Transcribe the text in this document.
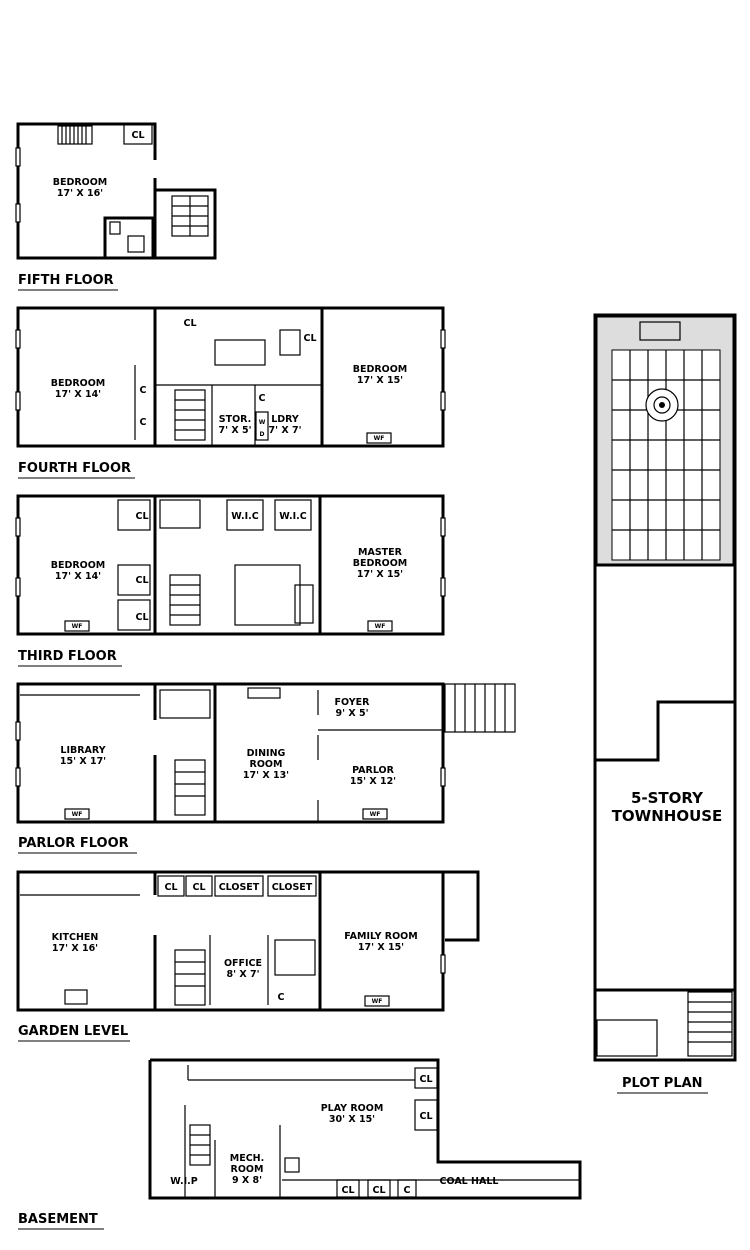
BEDROOM
17' X 16'
CL
FIFTH FLOOR
BEDROOM
17' X 14'
BEDROOM
17' X 15'
CL
CL
C
C
C
STOR.
7' X 5'
LDRY
7' X 7'
W
D
WF
FOURTH FLOOR
BEDROOM
17' X 14'
MASTER
BEDROOM
17' X 15'
W.I.C W.I.C
CL
CL
CL
WF	WF
THIRD FLOOR
LIBRARY
15' X 17'
DINING
ROOM
17' X 13'
FOYER
9' X 5'
PARLOR
15' X 12'
WF	WF
PARLOR FLOOR
KITCHEN
17' X 16'
OFFICE
8' X 7'
FAMILY ROOM
17' X 15'
CL CL CLOSET CLOSET
C	WF
GARDEN LEVEL
PLAY ROOM
30' X 15'
MECH.
ROOM
9 X 8'
W.I.P	COAL HALL
CL
CL
CL CL C
BASEMENT
5-STORY
TOWNHOUSE
PLOT PLAN
